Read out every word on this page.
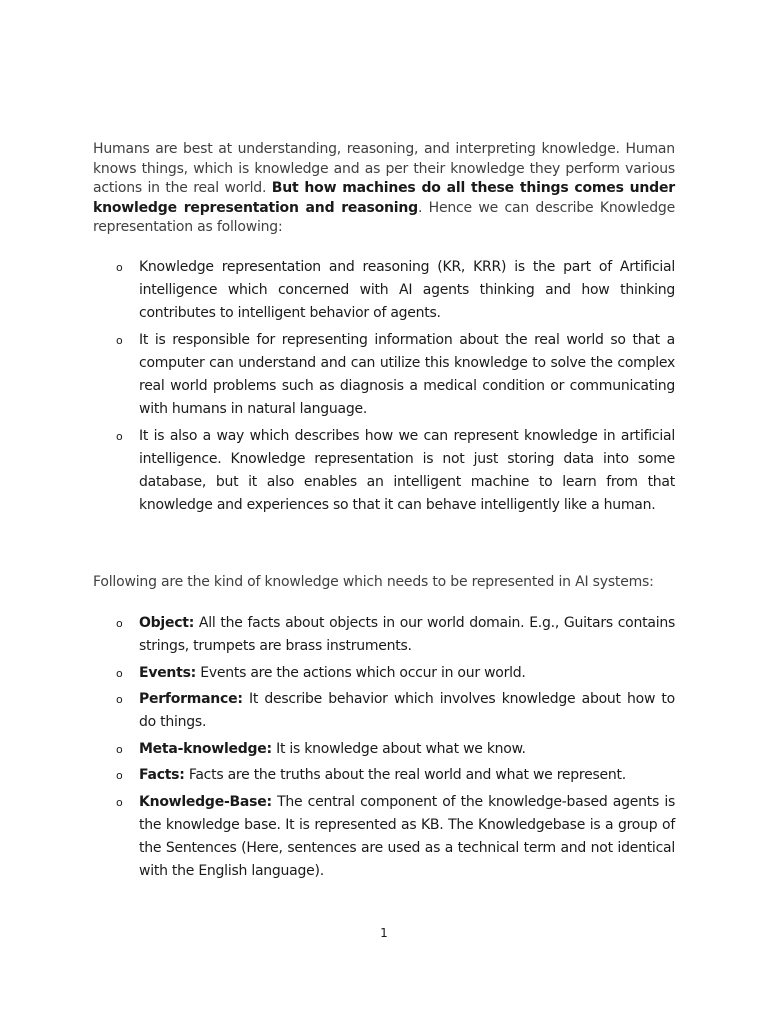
Humans are best at understanding, reasoning, and interpreting knowledge. Human knows things, which is knowledge and as per their knowledge they perform various actions in the real world. But how machines do all these things comes under knowledge representation and reasoning. Hence we can describe Knowledge representation as following:

o Knowledge representation and reasoning (KR, KRR) is the part of Artificial intelligence which concerned with AI agents thinking and how thinking contributes to intelligent behavior of agents.
o It is responsible for representing information about the real world so that a computer can understand and can utilize this knowledge to solve the complex real world problems such as diagnosis a medical condition or communicating with humans in natural language.
o It is also a way which describes how we can represent knowledge in artificial intelligence. Knowledge representation is not just storing data into some database, but it also enables an intelligent machine to learn from that knowledge and experiences so that it can behave intelligently like a human.

Following are the kind of knowledge which needs to be represented in AI systems:

o Object: All the facts about objects in our world domain. E.g., Guitars contains strings, trumpets are brass instruments.
o Events: Events are the actions which occur in our world.
o Performance: It describe behavior which involves knowledge about how to do things.
o Meta-knowledge: It is knowledge about what we know.
o Facts: Facts are the truths about the real world and what we represent.
o Knowledge-Base: The central component of the knowledge-based agents is the knowledge base. It is represented as KB. The Knowledgebase is a group of the Sentences (Here, sentences are used as a technical term and not identical with the English language).
1
